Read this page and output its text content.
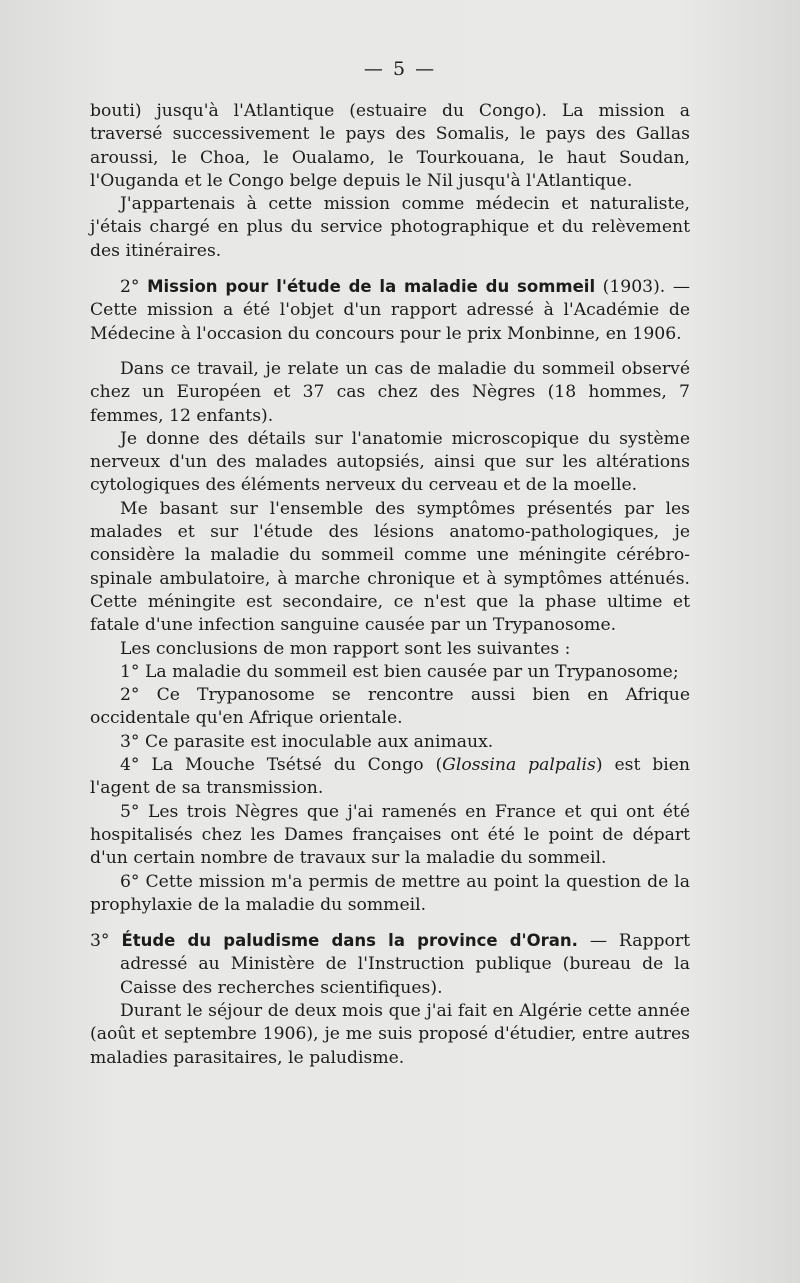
— 5 —

bouti) jusqu'à l'Atlantique (estuaire du Congo). La mission a traversé successivement le pays des Somalis, le pays des Gallas aroussi, le Choa, le Oualamo, le Tourkouana, le haut Soudan, l'Ouganda et le Congo belge depuis le Nil jusqu'à l'Atlantique.

J'appartenais à cette mission comme médecin et naturaliste, j'étais chargé en plus du service photographique et du relèvement des itinéraires.

2° Mission pour l'étude de la maladie du sommeil (1903). — Cette mission a été l'objet d'un rapport adressé à l'Académie de Médecine à l'occasion du concours pour le prix Monbinne, en 1906.

Dans ce travail, je relate un cas de maladie du sommeil observé chez un Européen et 37 cas chez des Nègres (18 hommes, 7 femmes, 12 enfants).

Je donne des détails sur l'anatomie microscopique du système nerveux d'un des malades autopsiés, ainsi que sur les altérations cytologiques des éléments nerveux du cerveau et de la moelle.

Me basant sur l'ensemble des symptômes présentés par les malades et sur l'étude des lésions anatomo-pathologiques, je considère la maladie du sommeil comme une méningite cérébro-spinale ambulatoire, à marche chronique et à symptômes atténués. Cette méningite est secondaire, ce n'est que la phase ultime et fatale d'une infection sanguine causée par un Trypanosome.

Les conclusions de mon rapport sont les suivantes :

1° La maladie du sommeil est bien causée par un Trypanosome;

2° Ce Trypanosome se rencontre aussi bien en Afrique occidentale qu'en Afrique orientale.

3° Ce parasite est inoculable aux animaux.

4° La Mouche Tsétsé du Congo (Glossina palpalis) est bien l'agent de sa transmission.

5° Les trois Nègres que j'ai ramenés en France et qui ont été hospitalisés chez les Dames françaises ont été le point de départ d'un certain nombre de travaux sur la maladie du sommeil.

6° Cette mission m'a permis de mettre au point la question de la prophylaxie de la maladie du sommeil.

3° Étude du paludisme dans la province d'Oran. — Rapport adressé au Ministère de l'Instruction publique (bureau de la Caisse des recherches scientifiques).

Durant le séjour de deux mois que j'ai fait en Algérie cette année (août et septembre 1906), je me suis proposé d'étudier, entre autres maladies parasitaires, le paludisme.
